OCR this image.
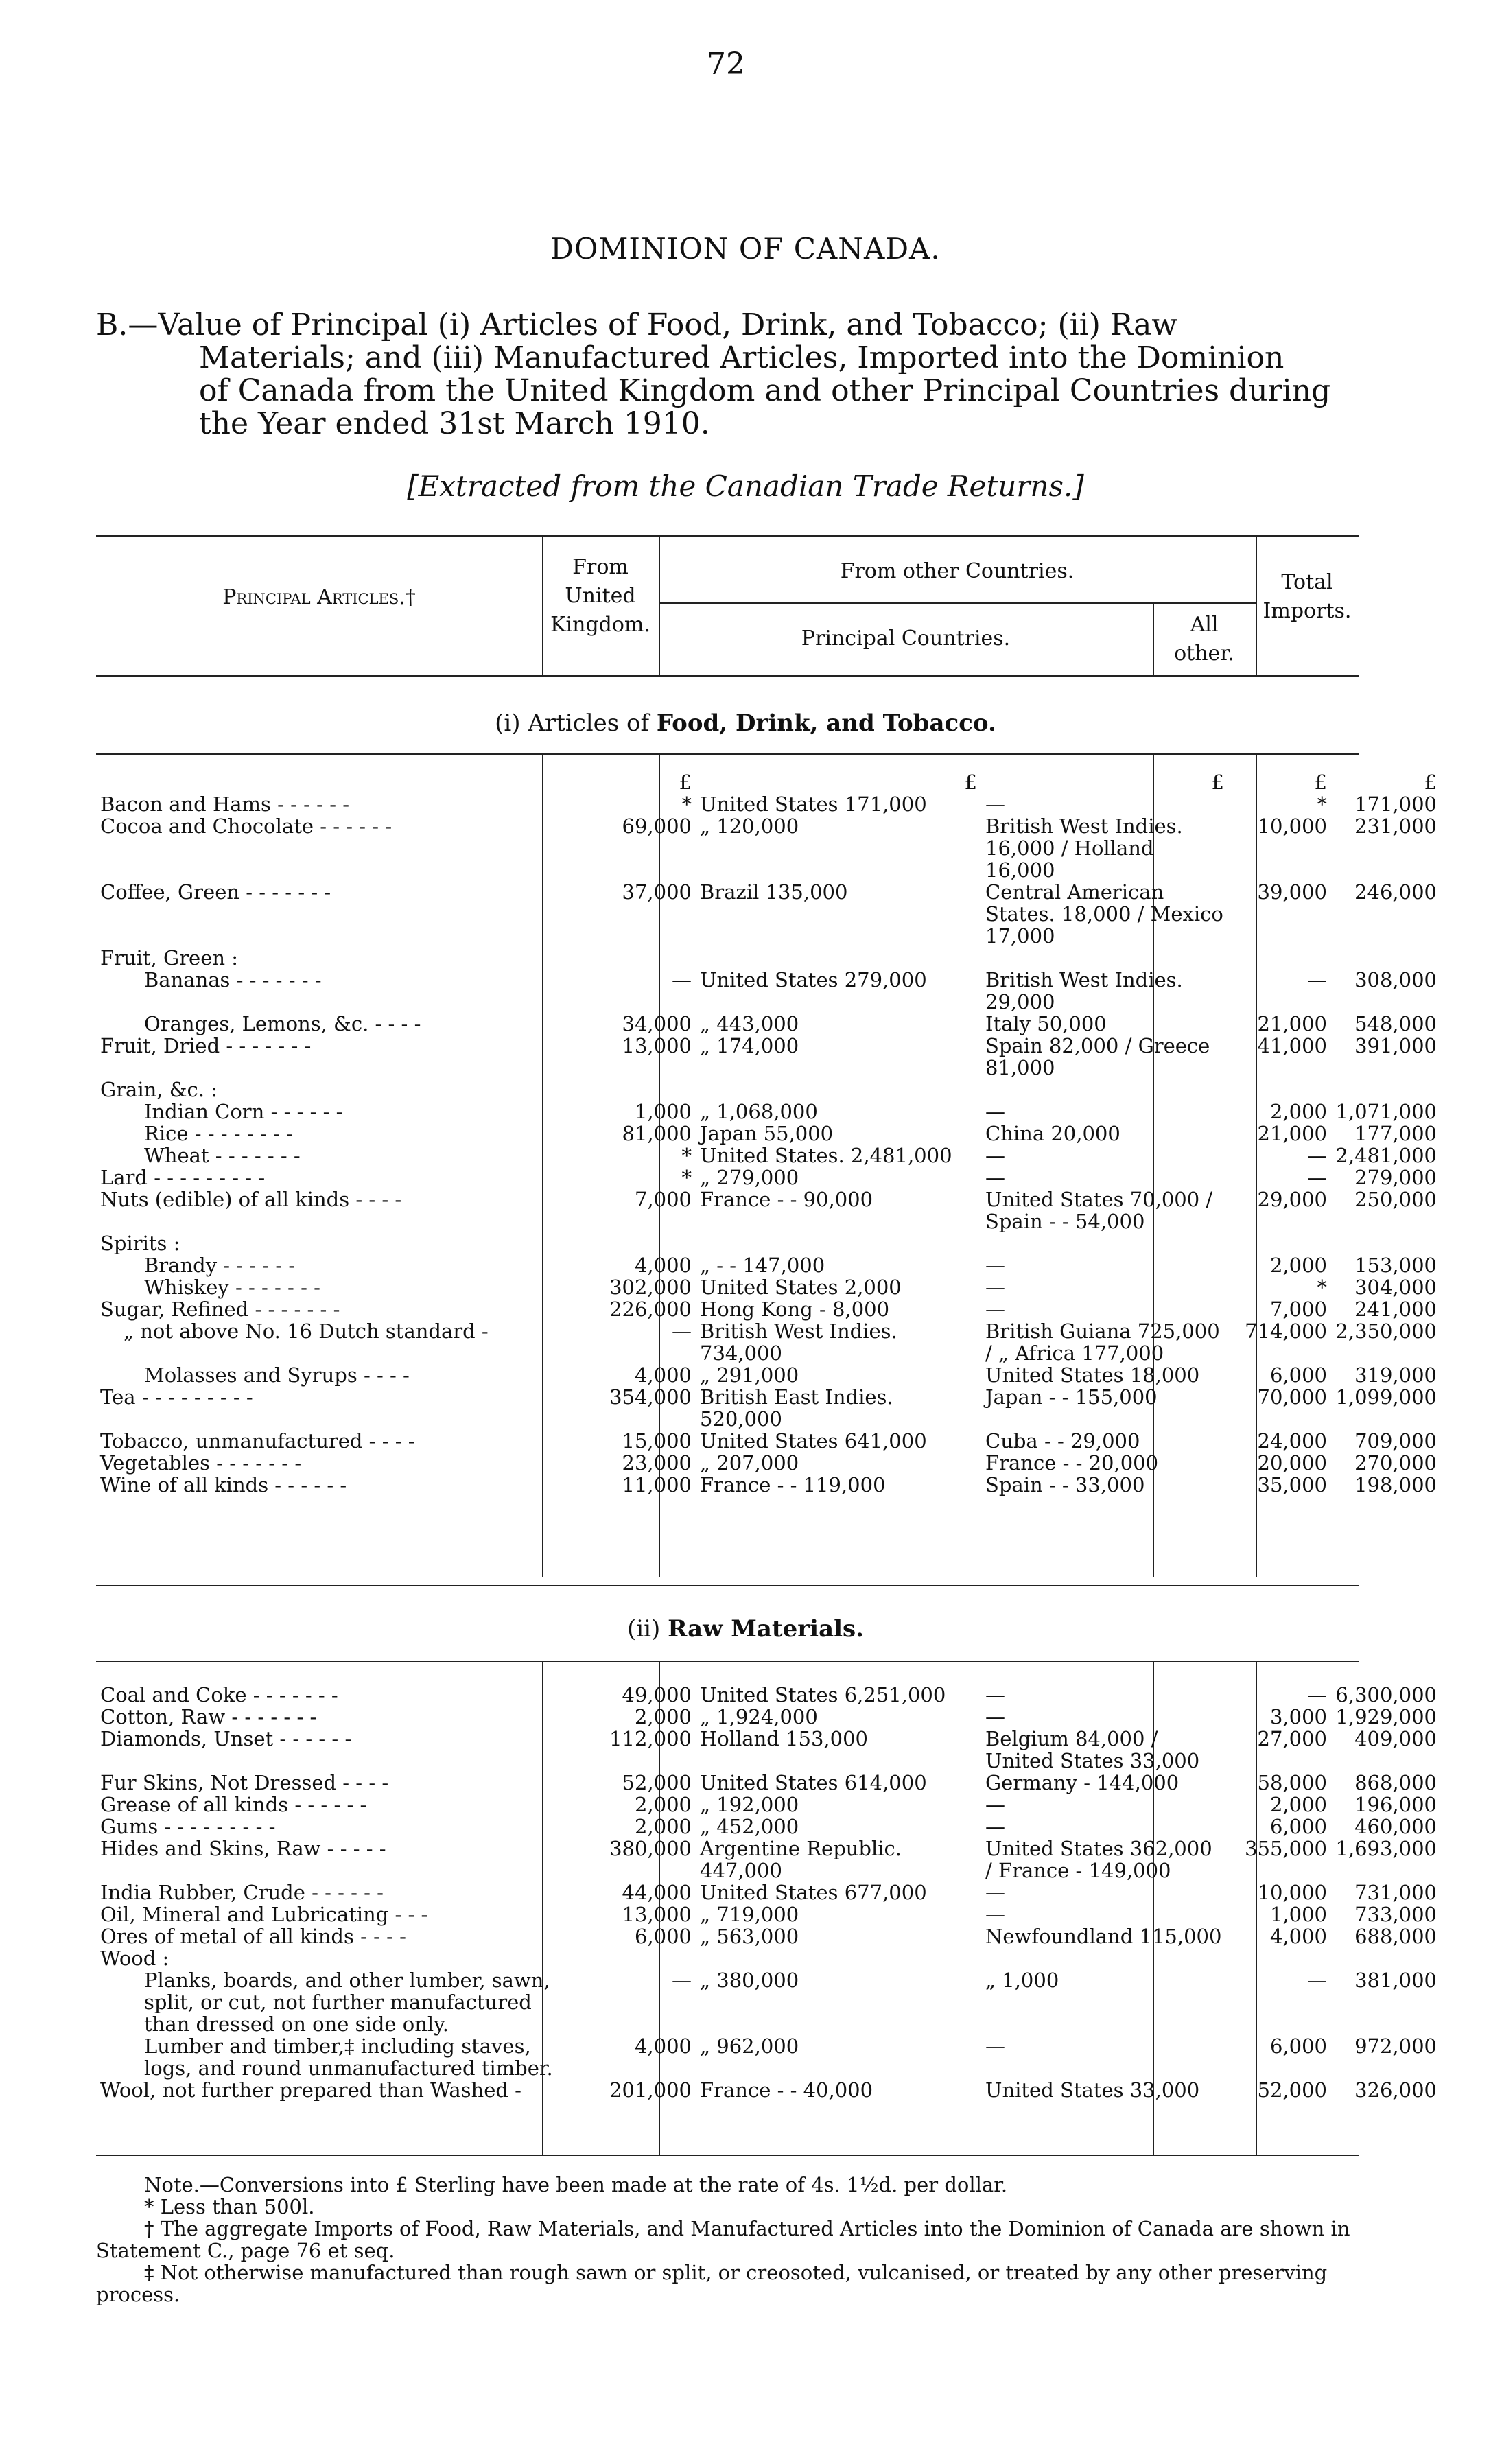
72
DOMINION OF CANADA.
B.—Value of Principal (i) Articles of Food, Drink, and Tobacco; (ii) Raw
Materials; and (iii) Manufactured Articles, Imported into the Dominion
of Canada from the United Kingdom and other Principal Countries during
the Year ended 31st March 1910.
[Extracted from the Canadian Trade Returns.]
Principal Articles.†
From
United
Kingdom.
From other Countries.
Principal Countries.
All
other.
Total
Imports.
(i) Articles of Food, Drink, and Tobacco.
	£	£	£	£	£
Bacon and Hams - - - - - -	*	United States 171,000	—	*	171,000
Cocoa and Chocolate - - - - - -	69,000	„ 120,000	British West Indies. 16,000 / Holland 16,000	10,000	231,000
Coffee, Green - - - - - - -	37,000	Brazil 135,000	Central American States. 18,000 / Mexico 17,000	39,000	246,000
Fruit, Green :					
Bananas - - - - - - -	—	United States 279,000	British West Indies. 29,000	—	308,000
Oranges, Lemons, &c. - - - -	34,000	„ 443,000	Italy 50,000	21,000	548,000
Fruit, Dried - - - - - - -	13,000	„ 174,000	Spain 82,000 / Greece 81,000	41,000	391,000
Grain, &c. :					
Indian Corn - - - - - -	1,000	„ 1,068,000	—	2,000	1,071,000
Rice - - - - - - - -	81,000	Japan 55,000	China 20,000	21,000	177,000
Wheat - - - - - - -	*	United States. 2,481,000	—	—	2,481,000
Lard - - - - - - - - -	*	„ 279,000	—	—	279,000
Nuts (edible) of all kinds - - - -	7,000	France - - 90,000	United States 70,000 / Spain - - 54,000	29,000	250,000
Spirits :					
Brandy - - - - - -	4,000	„ - - 147,000	—	2,000	153,000
Whiskey - - - - - - -	302,000	United States 2,000	—	*	304,000
Sugar, Refined - - - - - - -	226,000	Hong Kong - 8,000	—	7,000	241,000
„ not above No. 16 Dutch standard -	—	British West Indies. 734,000	British Guiana 725,000 / „ Africa 177,000	714,000	2,350,000
Molasses and Syrups - - - -	4,000	„ 291,000	United States 18,000	6,000	319,000
Tea - - - - - - - - -	354,000	British East Indies. 520,000	Japan - - 155,000	70,000	1,099,000
Tobacco, unmanufactured - - - -	15,000	United States 641,000	Cuba - - 29,000	24,000	709,000
Vegetables - - - - - - -	23,000	„ 207,000	France - - 20,000	20,000	270,000
Wine of all kinds - - - - - -	11,000	France - - 119,000	Spain - - 33,000	35,000	198,000
(ii) Raw Materials.
Coal and Coke - - - - - - -	49,000	United States 6,251,000	—	—	6,300,000
Cotton, Raw - - - - - - -	2,000	„ 1,924,000	—	3,000	1,929,000
Diamonds, Unset - - - - - -	112,000	Holland 153,000	Belgium 84,000 / United States 33,000	27,000	409,000
Fur Skins, Not Dressed - - - -	52,000	United States 614,000	Germany - 144,000	58,000	868,000
Grease of all kinds - - - - - -	2,000	„ 192,000	—	2,000	196,000
Gums - - - - - - - - -	2,000	„ 452,000	—	6,000	460,000
Hides and Skins, Raw - - - - -	380,000	Argentine Republic. 447,000	United States 362,000 / France - 149,000	355,000	1,693,000
India Rubber, Crude - - - - - -	44,000	United States 677,000	—	10,000	731,000
Oil, Mineral and Lubricating - - -	13,000	„ 719,000	—	1,000	733,000
Ores of metal of all kinds - - - -	6,000	„ 563,000	Newfoundland 115,000	4,000	688,000
Wood :					
Planks, boards, and other lumber, sawn, split, or cut, not further manufactured than dressed on one side only.	—	„ 380,000	„ 1,000	—	381,000
Lumber and timber,‡ including staves, logs, and round unmanufactured timber.	4,000	„ 962,000	—	6,000	972,000
Wool, not further prepared than Washed -	201,000	France - - 40,000	United States 33,000	52,000	326,000

Note.—Conversions into £ Sterling have been made at the rate of 4s. 1½d. per dollar.

* Less than 500l.

† The aggregate Imports of Food, Raw Materials, and Manufactured Articles into the Dominion of Canada are shown in Statement C., page 76 et seq.

‡ Not otherwise manufactured than rough sawn or split, or creosoted, vulcanised, or treated by any other preserving process.
